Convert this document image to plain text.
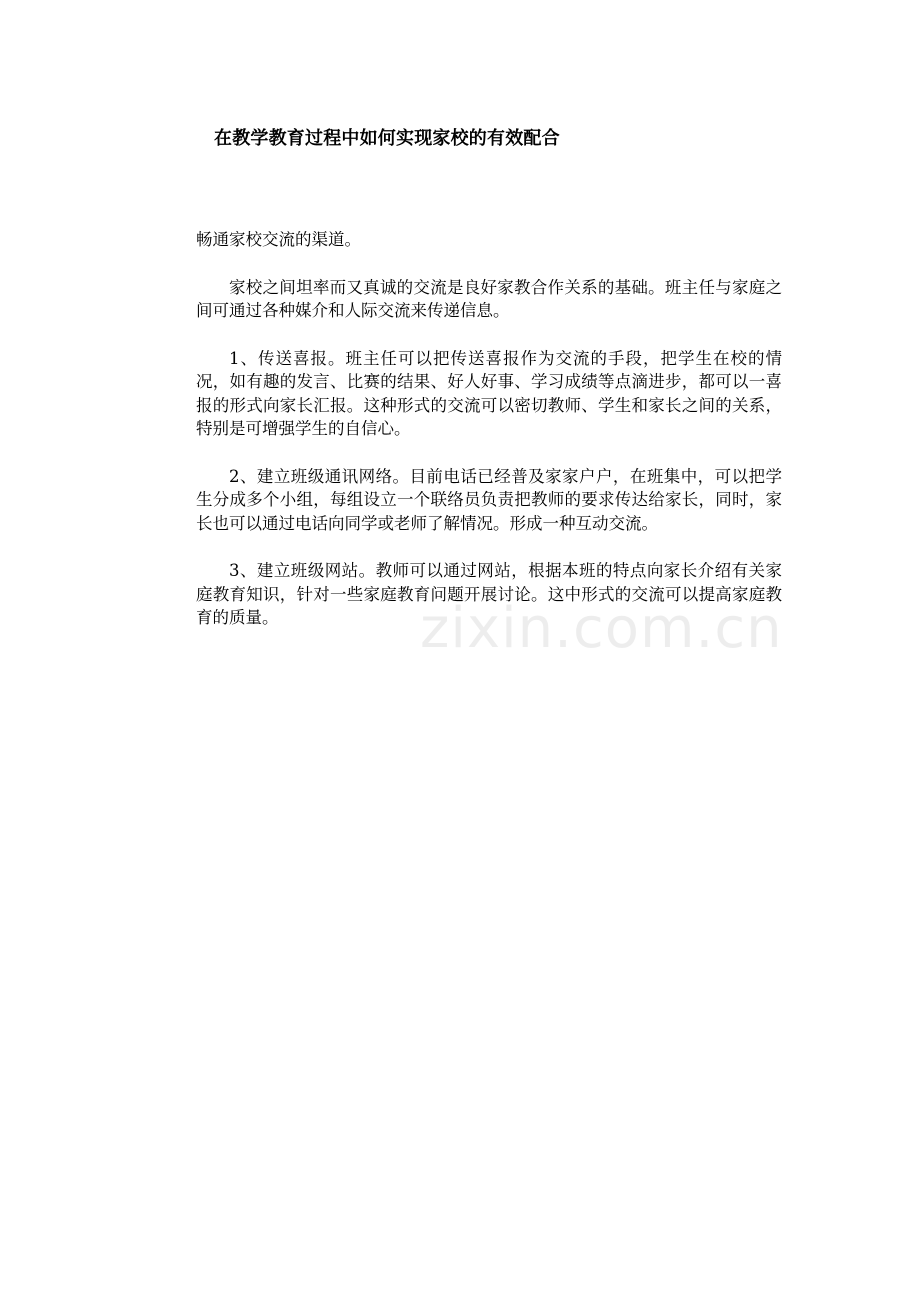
在教学教育过程中如何实现家校的有效配合

畅通家校交流的渠道。

家校之间坦率而又真诚的交流是良好家教合作关系的基础。班主任与家庭之间可通过各种媒介和人际交流来传递信息。

1、传送喜报。班主任可以把传送喜报作为交流的手段，把学生在校的情况，如有趣的发言、比赛的结果、好人好事、学习成绩等点滴进步，都可以一喜报的形式向家长汇报。这种形式的交流可以密切教师、学生和家长之间的关系，特别是可增强学生的自信心。

2、建立班级通讯网络。目前电话已经普及家家户户，在班集中，可以把学生分成多个小组，每组设立一个联络员负责把教师的要求传达给家长，同时，家长也可以通过电话向同学或老师了解情况。形成一种互动交流。

3、建立班级网站。教师可以通过网站，根据本班的特点向家长介绍有关家庭教育知识，针对一些家庭教育问题开展讨论。这中形式的交流可以提高家庭教育的质量。	zixin.com.cn
